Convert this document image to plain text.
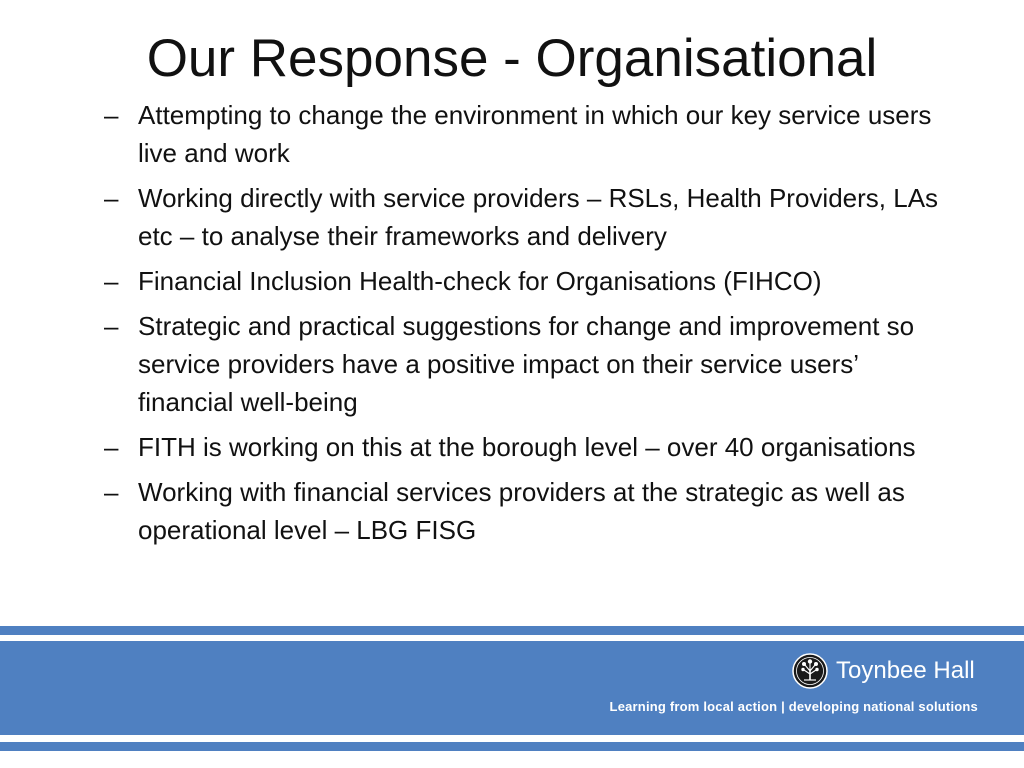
Our Response - Organisational
– Attempting to change the environment in which our key service users live and work
– Working directly with service providers – RSLs, Health Providers, LAs etc – to analyse their frameworks and delivery
– Financial Inclusion Health-check for Organisations (FIHCO)
– Strategic and practical suggestions for change and improvement so service providers have a positive impact on their service users’ financial well-being
– FITH is working on this at the borough level – over 40 organisations
– Working with financial services providers at the strategic as well as operational level – LBG FISG
Toynbee Hall
Learning from local action | developing national solutions
